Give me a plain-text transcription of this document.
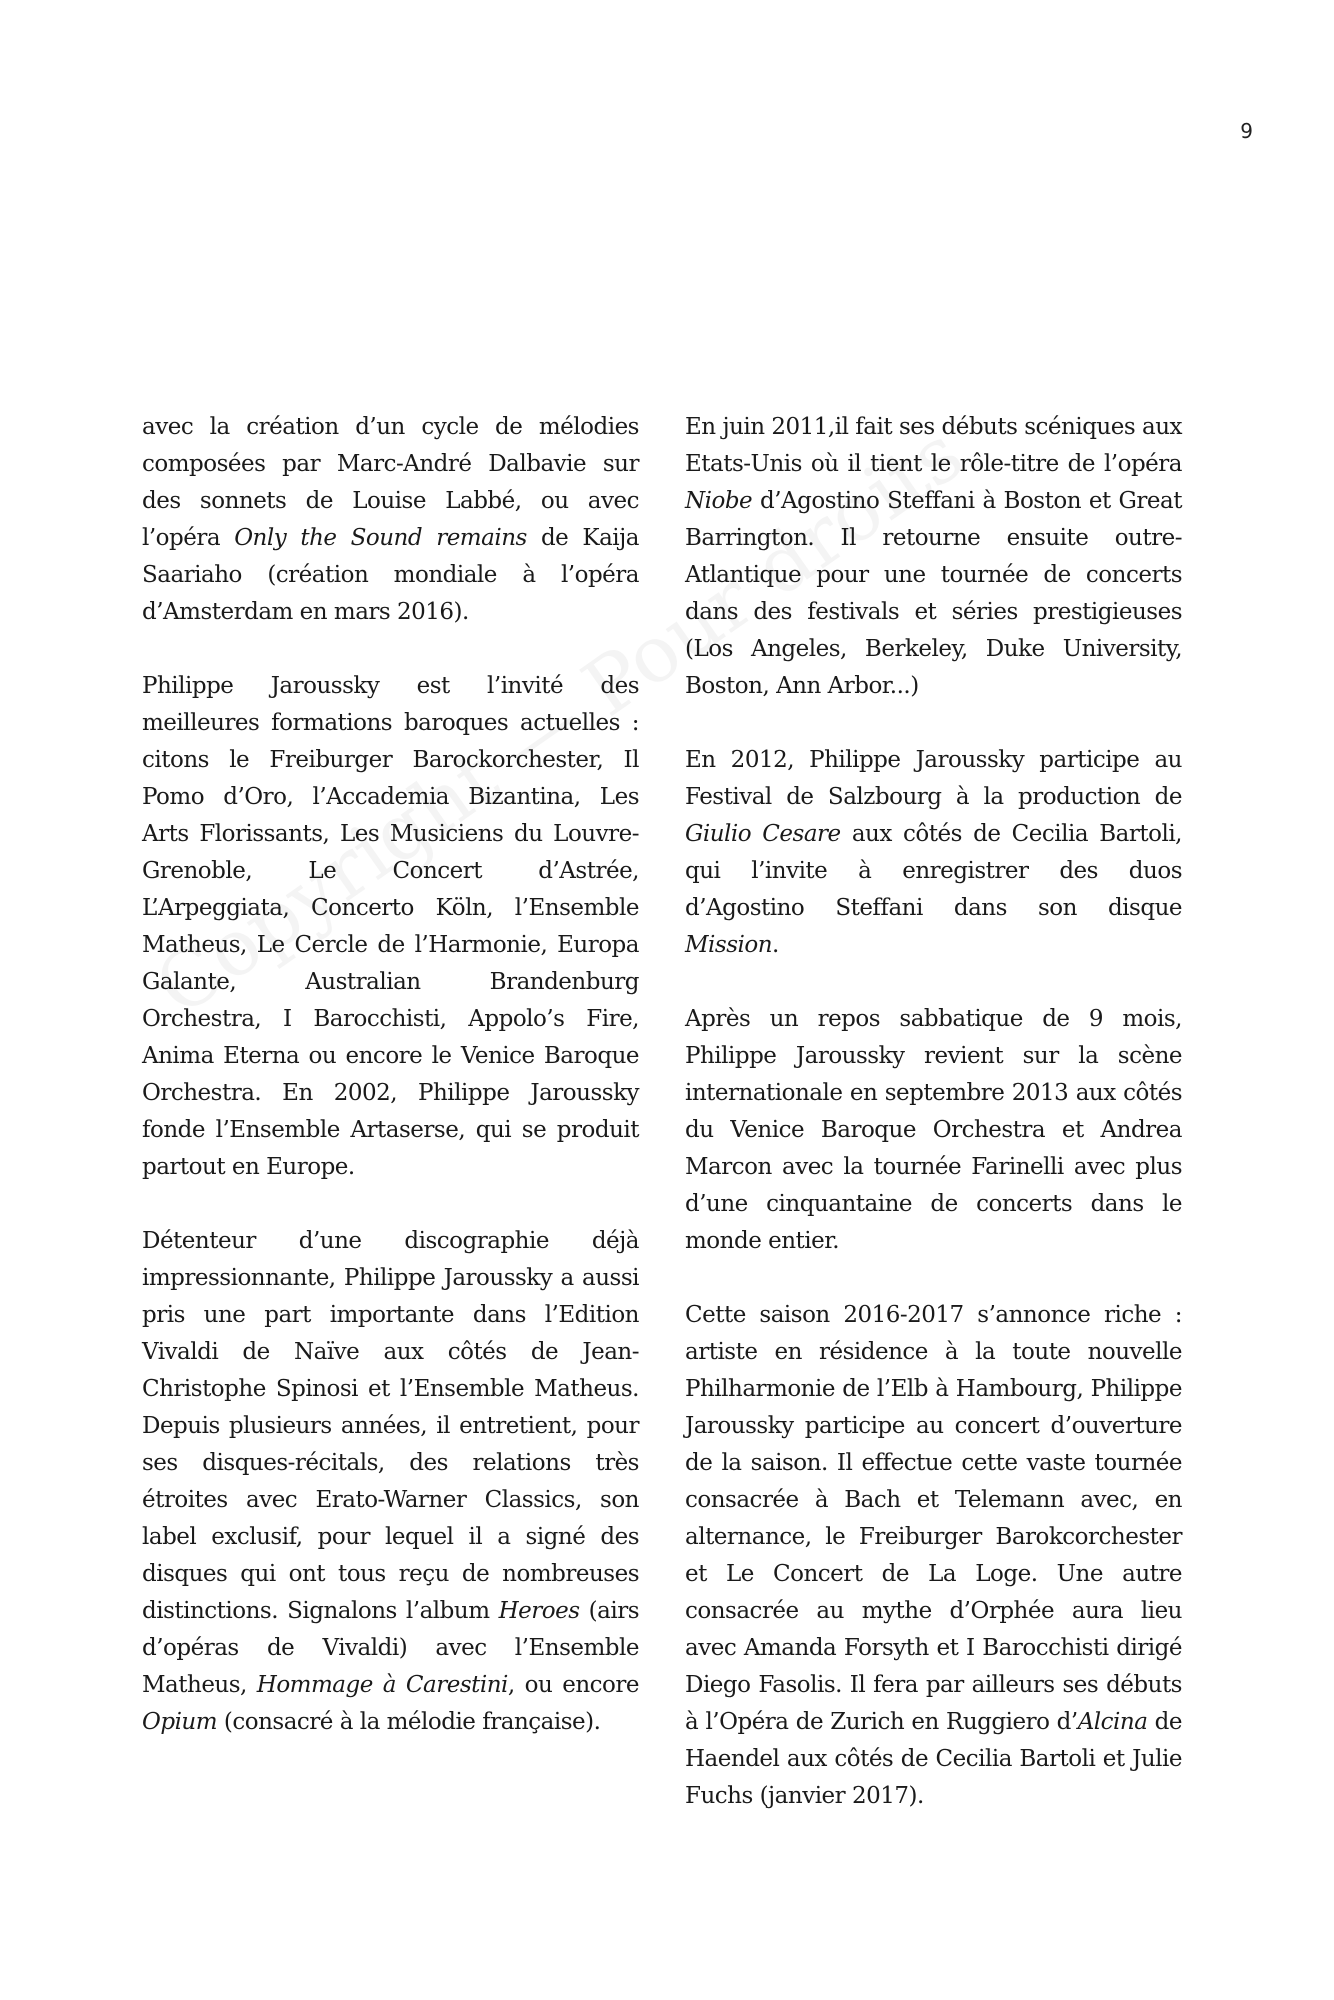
9

avec la création d’un cycle de mélodies composées par Marc-André Dalbavie sur des sonnets de Louise Labbé, ou avec l’opéra Only the Sound remains de Kaija Saariaho (création mondiale à l’opéra d’Amsterdam en mars 2016).

Philippe Jaroussky est l’invité des meilleures formations baroques actuelles : citons le Freiburger Barockorchester, Il Pomo d’Oro, l’Accademia Bizantina, Les Arts Florissants, Les Musiciens du Louvre-Grenoble, Le Concert d’Astrée, L’Arpeggiata, Concerto Köln, l’Ensemble Matheus, Le Cercle de l’Harmonie, Europa Galante, Australian Brandenburg Orchestra, I Barocchisti, Appolo’s Fire, Anima Eterna ou encore le Venice Baroque Orchestra. En 2002, Philippe Jaroussky fonde l’Ensemble Artaserse, qui se produit partout en Europe.

Détenteur d’une discographie déjà impressionnante, Philippe Jaroussky a aussi pris une part importante dans l’Edition Vivaldi de Naïve aux côtés de Jean-Christophe Spinosi et l’Ensemble Matheus. Depuis plusieurs années, il entretient, pour ses disques-récitals, des relations très étroites avec Erato-Warner Classics, son label exclusif, pour lequel il a signé des disques qui ont tous reçu de nombreuses distinctions. Signalons l’album Heroes (airs d’opéras de Vivaldi) avec l’Ensemble Matheus, Hommage à Carestini, ou encore Opium (consacré à la mélodie française).

En juin 2011,il fait ses débuts scéniques aux Etats-Unis où il tient le rôle-titre de l’opéra Niobe d’Agostino Steffani à Boston et Great Barrington. Il retourne ensuite outre-Atlantique pour une tournée de concerts dans des festivals et séries prestigieuses (Los Angeles, Berkeley, Duke University, Boston, Ann Arbor...)

En 2012, Philippe Jaroussky participe au Festival de Salzbourg à la production de Giulio Cesare aux côtés de Cecilia Bartoli, qui l’invite à enregistrer des duos d’Agostino Steffani dans son disque Mission.

Après un repos sabbatique de 9 mois, Philippe Jaroussky revient sur la scène internationale en septembre 2013 aux côtés du Venice Baroque Orchestra et Andrea Marcon avec la tournée Farinelli avec plus d’une cinquantaine de concerts dans le monde entier.

Cette saison 2016-2017 s’annonce riche : artiste en résidence à la toute nouvelle Philharmonie de l’Elb à Hambourg, Philippe Jaroussky participe au concert d’ouverture de la saison. Il effectue cette vaste tournée consacrée à Bach et Telemann avec, en alternance, le Freiburger Barokcorchester et Le Concert de La Loge. Une autre consacrée au mythe d’Orphée aura lieu avec Amanda Forsyth et I Barocchisti dirigé Diego Fasolis. Il fera par ailleurs ses débuts à l’Opéra de Zurich en Ruggiero d’Alcina de Haendel aux côtés de Cecilia Bartoli et Julie Fuchs (janvier 2017).
